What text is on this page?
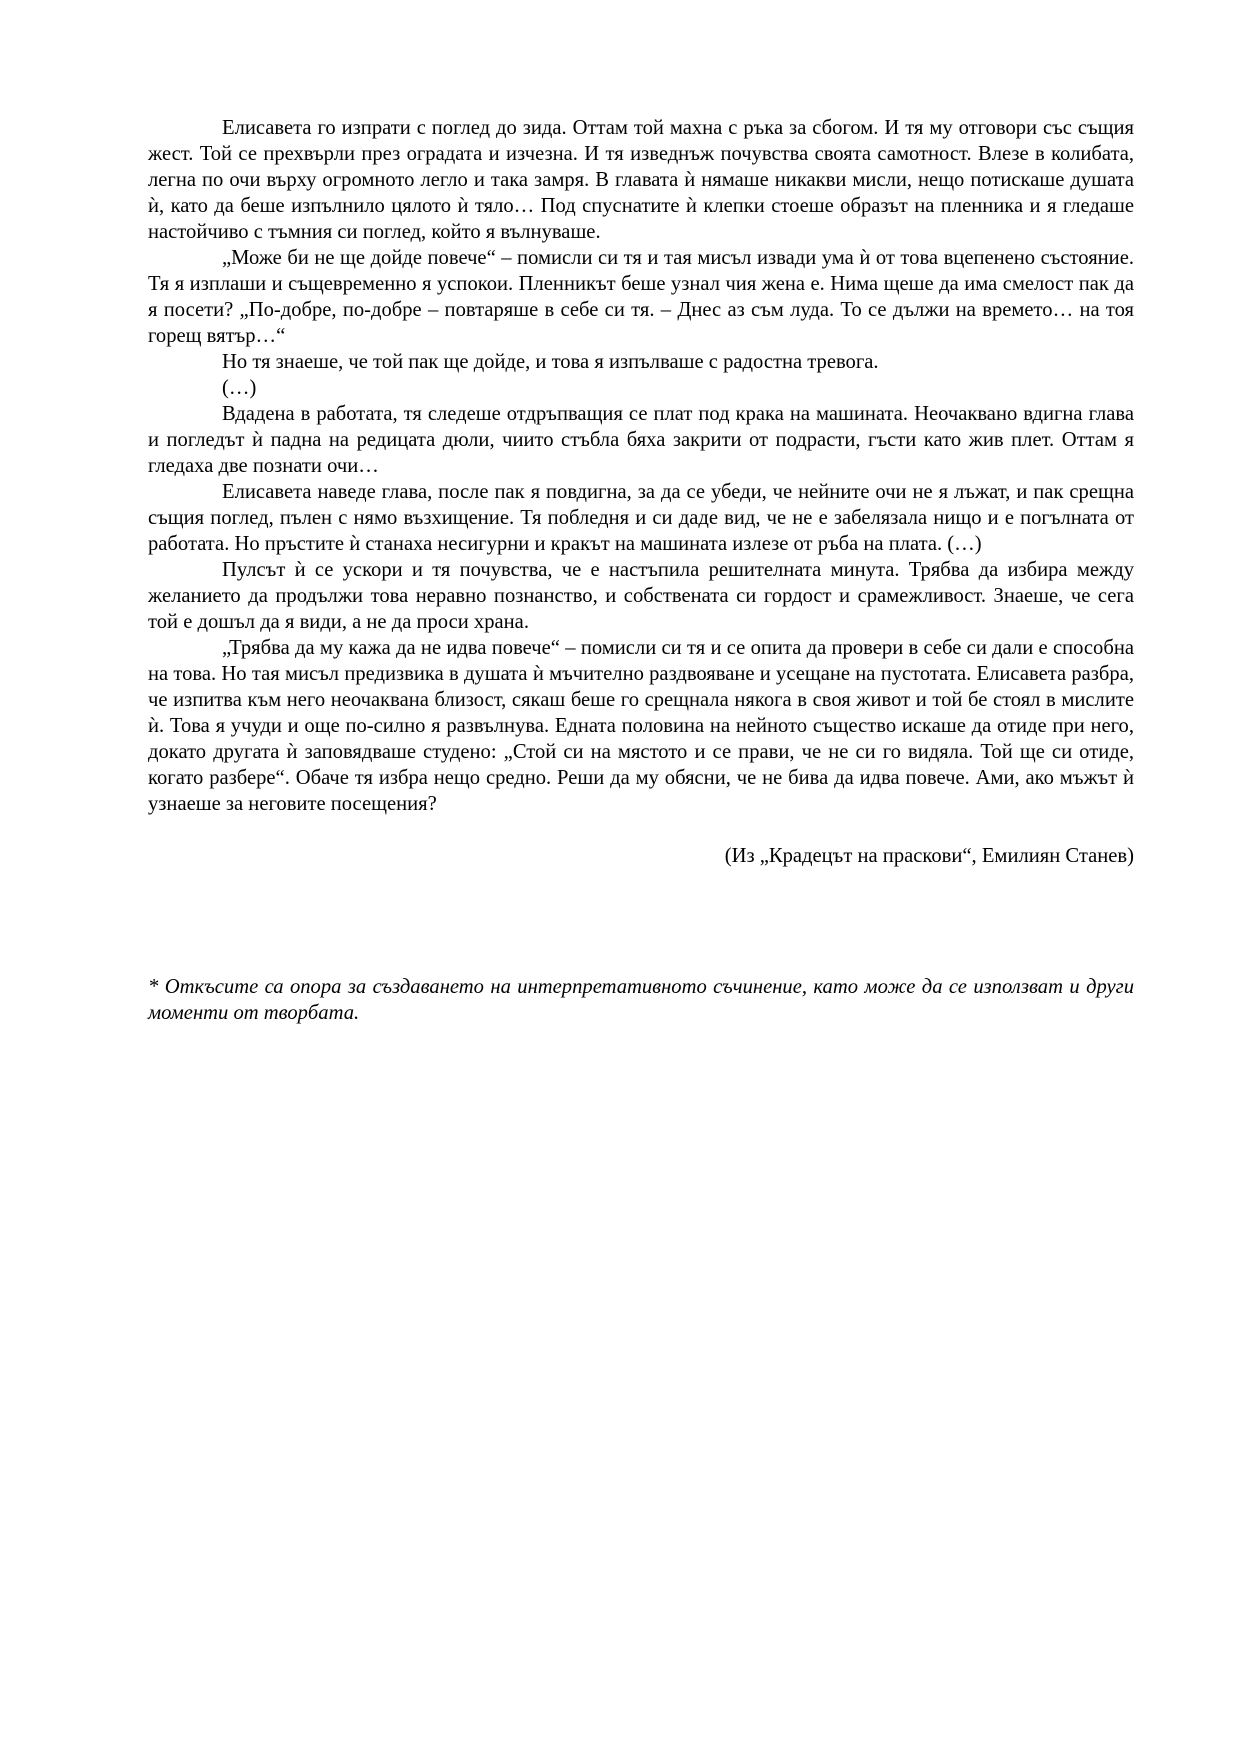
Елисавета го изпрати с поглед до зида. Оттам той махна с ръка за сбогом. И тя му отговори със същия жест. Той се прехвърли през оградата и изчезна. И тя изведнъж почувства своята самотност. Влезе в колибата, легна по очи върху огромното легло и така замря. В главата ѝ нямаше никакви мисли, нещо потискаше душата ѝ, като да беше изпълнило цялото ѝ тяло… Под спуснатите ѝ клепки стоеше образът на пленника и я гледаше настойчиво с тъмния си поглед, който я вълнуваше.

„Може би не ще дойде повече“ – помисли си тя и тая мисъл извади ума ѝ от това вцепенено състояние. Тя я изплаши и същевременно я успокои. Пленникът беше узнал чия жена е. Нима щеше да има смелост пак да я посети? „По-добре, по-добре – повтаряше в себе си тя. – Днес аз съм луда. То се дължи на времето… на тоя горещ вятър…“

Но тя знаеше, че той пак ще дойде, и това я изпълваше с радостна тревога.

(…)

Вдадена в работата, тя следеше отдръпващия се плат под крака на машината. Неочаквано вдигна глава и погледът ѝ падна на редицата дюли, чиито стъбла бяха закрити от подрасти, гъсти като жив плет. Оттам я гледаха две познати очи…

Елисавета наведе глава, после пак я повдигна, за да се убеди, че нейните очи не я лъжат, и пак срещна същия поглед, пълен с нямо възхищение. Тя побледня и си даде вид, че не е забелязала нищо и е погълната от работата. Но пръстите ѝ станаха несигурни и кракът на машината излезе от ръба на плата. (…)

Пулсът ѝ се ускори и тя почувства, че е настъпила решителната минута. Трябва да избира между желанието да продължи това неравно познанство, и собствената си гордост и срамежливост. Знаеше, че сега той е дошъл да я види, а не да проси храна.

„Трябва да му кажа да не идва повече“ – помисли си тя и се опита да провери в себе си дали е способна на това. Но тая мисъл предизвика в душата ѝ мъчително раздвояване и усещане на пустотата. Елисавета разбра, че изпитва към него неочаквана близост, сякаш беше го срещнала някога в своя живот и той бе стоял в мислите ѝ. Това я учуди и още по-силно я развълнува. Едната половина на нейното същество искаше да отиде при него, докато другата ѝ заповядваше студено: „Стой си на мястото и се прави, че не си го видяла. Той ще си отиде, когато разбере“. Обаче тя избра нещо средно. Реши да му обясни, че не бива да идва повече. Ами, ако мъжът ѝ узнаеше за неговите посещения?

(Из „Крадецът на праскови“, Емилиян Станев)

* Откъсите са опора за създаването на интерпретативното съчинение, като може да се използват и други моменти от творбата.
